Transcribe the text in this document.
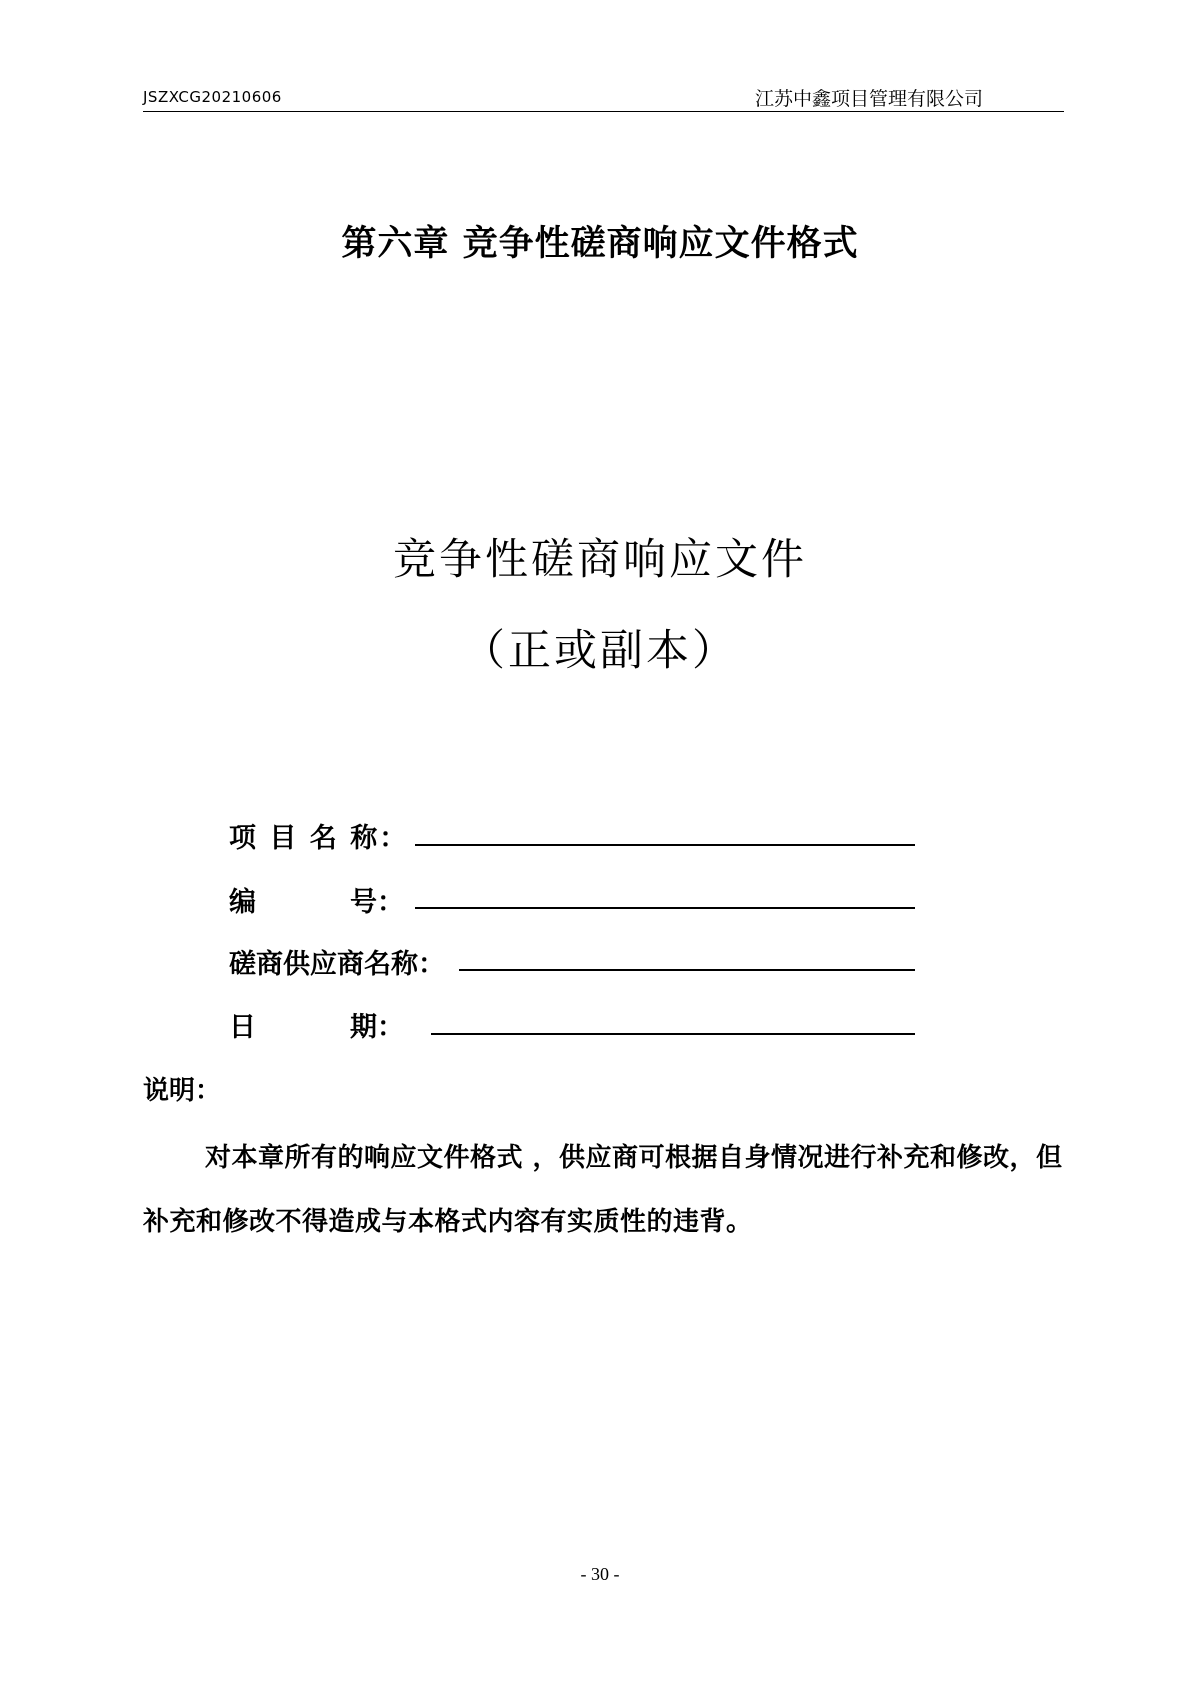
JSZXCG20210606	江苏中鑫项目管理有限公司
第六章 竞争性磋商响应文件格式
竞争性磋商响应文件
（正或副本）
项 目 名 称：
编          号：
磋商供应商名称：
日          期：
说明：
对本章所有的响应文件格式 ，供应商可根据自身情况进行补充和修改，但补充和修改不得造成与本格式内容有实质性的违背。
- 30 -
